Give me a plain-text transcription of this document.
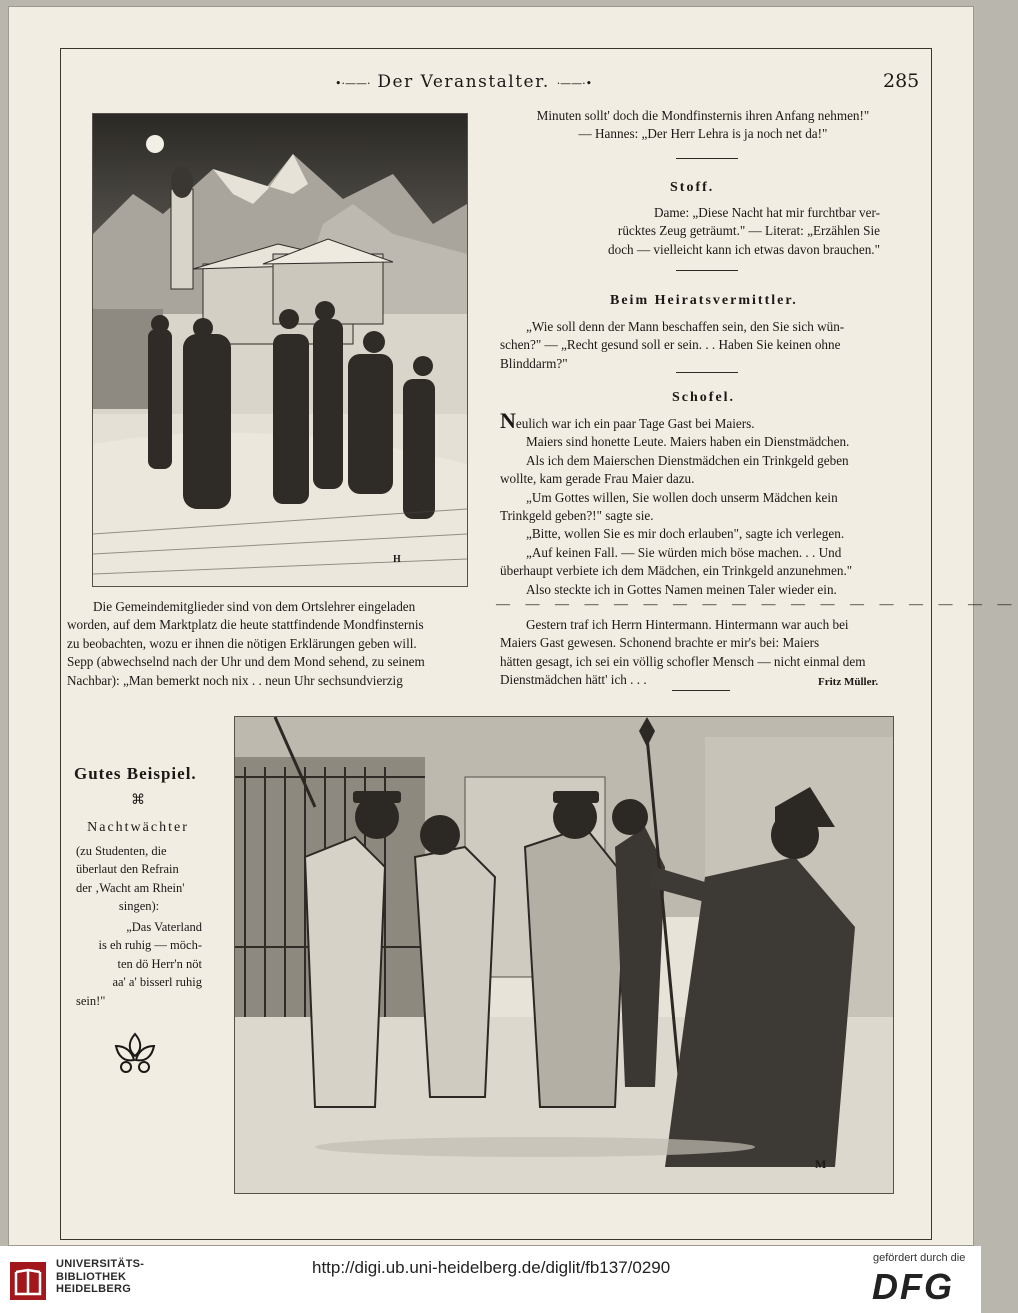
•·——· Der Veranstalter. ·——·•	285
H
Die Gemeindemitglieder sind von dem Ortslehrer eingeladen
worden, auf dem Marktplatz die heute stattfindende Mondfinsternis
zu beobachten, wozu er ihnen die nötigen Erklärungen geben will.
Sepp (abwechselnd nach der Uhr und dem Mond sehend, zu seinem
Nachbar): „Man bemerkt noch nix . . neun Uhr sechsundvierzig
Minuten sollt' doch die Mondfinsternis ihren Anfang nehmen!"
— Hannes: „Der Herr Lehra is ja noch net da!"
Stoff.
Dame: „Diese Nacht hat mir furchtbar ver-
rücktes Zeug geträumt." — Literat: „Erzählen Sie
doch — vielleicht kann ich etwas davon brauchen."
Beim Heiratsvermittler.
„Wie soll denn der Mann beschaffen sein, den Sie sich wün-
schen?" — „Recht gesund soll er sein. . . Haben Sie keinen ohne
Blinddarm?"
Schofel.
Neulich war ich ein paar Tage Gast bei Maiers.
Maiers sind honette Leute. Maiers haben ein Dienstmädchen.
Als ich dem Maierschen Dienstmädchen ein Trinkgeld geben
wollte, kam gerade Frau Maier dazu.
„Um Gottes willen, Sie wollen doch unserm Mädchen kein
Trinkgeld geben?!" sagte sie.
„Bitte, wollen Sie es mir doch erlauben", sagte ich verlegen.
„Auf keinen Fall. — Sie würden mich böse machen. . . Und
überhaupt verbiete ich dem Mädchen, ein Trinkgeld anzunehmen."
Also steckte ich in Gottes Namen meinen Taler wieder ein.
— — — — — — — — — — — — — — — — — —
Gestern traf ich Herrn Hintermann. Hintermann war auch bei
Maiers Gast gewesen. Schonend brachte er mir's bei: Maiers
hätten gesagt, ich sei ein völlig schofler Mensch — nicht einmal dem
Dienstmädchen hätt' ich . . .	Fritz Müller.
Gutes Beispiel.
⌘
Nachtwächter
(zu Studenten, die
überlaut den Refrain
der ‚Wacht am Rhein'
singen):
„Das Vaterland
is eh ruhig — möch-
ten dö Herr'n nöt
aa' a' bisserl ruhig
sein!"
M
UNIVERSITÄTS-
BIBLIOTHEK
HEIDELBERG
http://digi.ub.uni-heidelberg.de/diglit/fb137/0290	gefördert durch die
DFG
